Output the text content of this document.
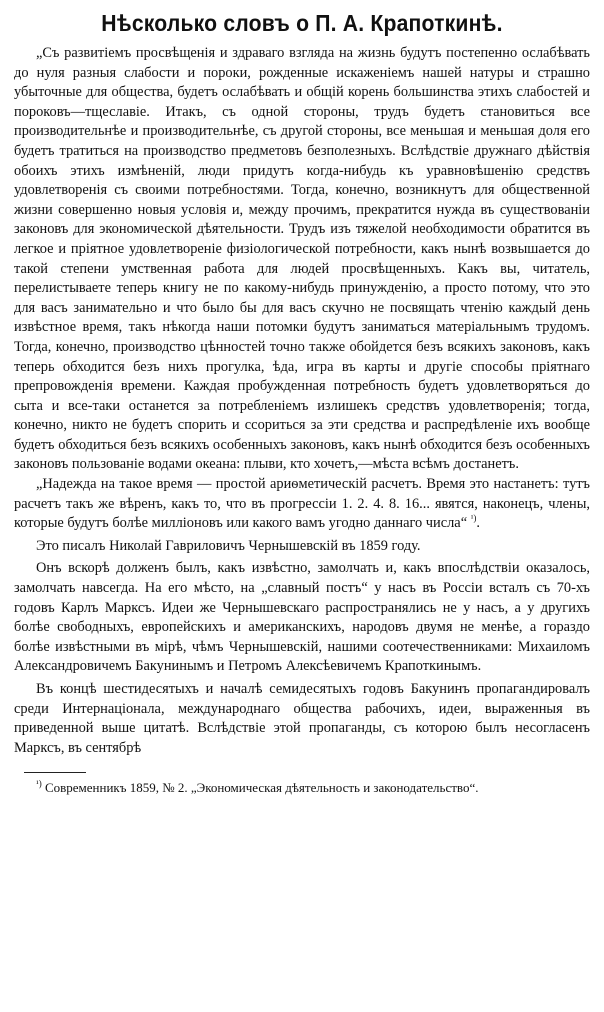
Нѣсколько словъ о П. А. Крапоткинѣ.

„Съ развитіемъ просвѣщенія и здраваго взгляда на жизнь будутъ постепенно ослабѣвать до нуля разныя слабости и пороки, рожденные искаженіемъ нашей натуры и страшно убыточные для общества, будетъ ослабѣвать и общій корень большинства этихъ слабостей и пороковъ—тщеславіе. Итакъ, съ одной стороны, трудъ будетъ становиться все производительнѣе и производительнѣе, съ другой стороны, все меньшая и меньшая доля его будетъ тратиться на производство предметовъ безполезныхъ. Вслѣдствіе дружнаго дѣйствія обоихъ этихъ измѣненій, люди придутъ когда-нибудь къ уравновѣшенію средствъ удовлетворенія съ своими потребностями. Тогда, конечно, возникнутъ для общественной жизни совершенно новыя условія и, между прочимъ, прекратится нужда въ существованіи законовъ для экономической дѣятельности. Трудъ изъ тяжелой необходимости обратится въ легкое и пріятное удовлетвореніе физіологической потребности, какъ нынѣ возвышается до такой степени умственная работа для людей просвѣщенныхъ. Какъ вы, читатель, перелистываете теперь книгу не по какому-нибудь принужденію, а просто потому, что это для васъ занимательно и что было бы для васъ скучно не посвящать чтенію каждый день извѣстное время, такъ нѣкогда наши потомки будутъ заниматься матеріальнымъ трудомъ. Тогда, конечно, производство цѣнностей точно также обойдется безъ всякихъ законовъ, какъ теперь обходится безъ нихъ прогулка, ѣда, игра въ карты и другіе способы пріятнаго препровожденія времени. Каждая пробужденная потребность будетъ удовлетворяться до сыта и все-таки останется за потребленіемъ излишекъ средствъ удовлетворенія; тогда, конечно, никто не будетъ спорить и ссориться за эти средства и распредѣленіе ихъ вообще будетъ обходиться безъ всякихъ особенныхъ законовъ, какъ нынѣ обходится безъ особенныхъ законовъ пользованіе водами океана: плыви, кто хочетъ,—мѣста всѣмъ достанетъ.

„Надежда на такое время — простой ариѳметическій расчетъ. Время это настанетъ: тутъ расчетъ такъ же вѣренъ, какъ то, что въ прогрессіи 1. 2. 4. 8. 16... явятся, наконецъ, члены, которые будутъ болѣе милліоновъ или какого вамъ угодно даннаго числа“ $^{^1)}$.

Это писалъ Николай Гавриловичъ Чернышевскій въ 1859 году.

Онъ вскорѣ долженъ былъ, какъ извѣстно, замолчать и, какъ впослѣдствіи оказалось, замолчать навсегда. На его мѣсто, на „славный постъ“ у насъ въ Россіи всталъ съ 70-хъ годовъ Карлъ Марксъ. Идеи же Чернышевскаго распространялись не у насъ, а у другихъ болѣе свободныхъ, европейскихъ и американскихъ, народовъ двумя не менѣе, а гораздо болѣе извѣстными въ мірѣ, чѣмъ Чернышевскій, нашими соотечественниками: Михаиломъ Александровичемъ Бакунинымъ и Петромъ Алексѣевичемъ Крапоткинымъ.

Въ концѣ шестидесятыхъ и началѣ семидесятыхъ годовъ Бакунинъ пропагандировалъ среди Интернаціонала, международнаго общества рабочихъ, идеи, выраженныя въ приведенной выше цитатѣ. Вслѣдствіе этой пропаганды, съ которою былъ несогласенъ Марксъ, въ сентябрѣ

$^{^1)}$ Современникъ 1859, № 2. „Экономическая дѣятельность и законодательство“.
